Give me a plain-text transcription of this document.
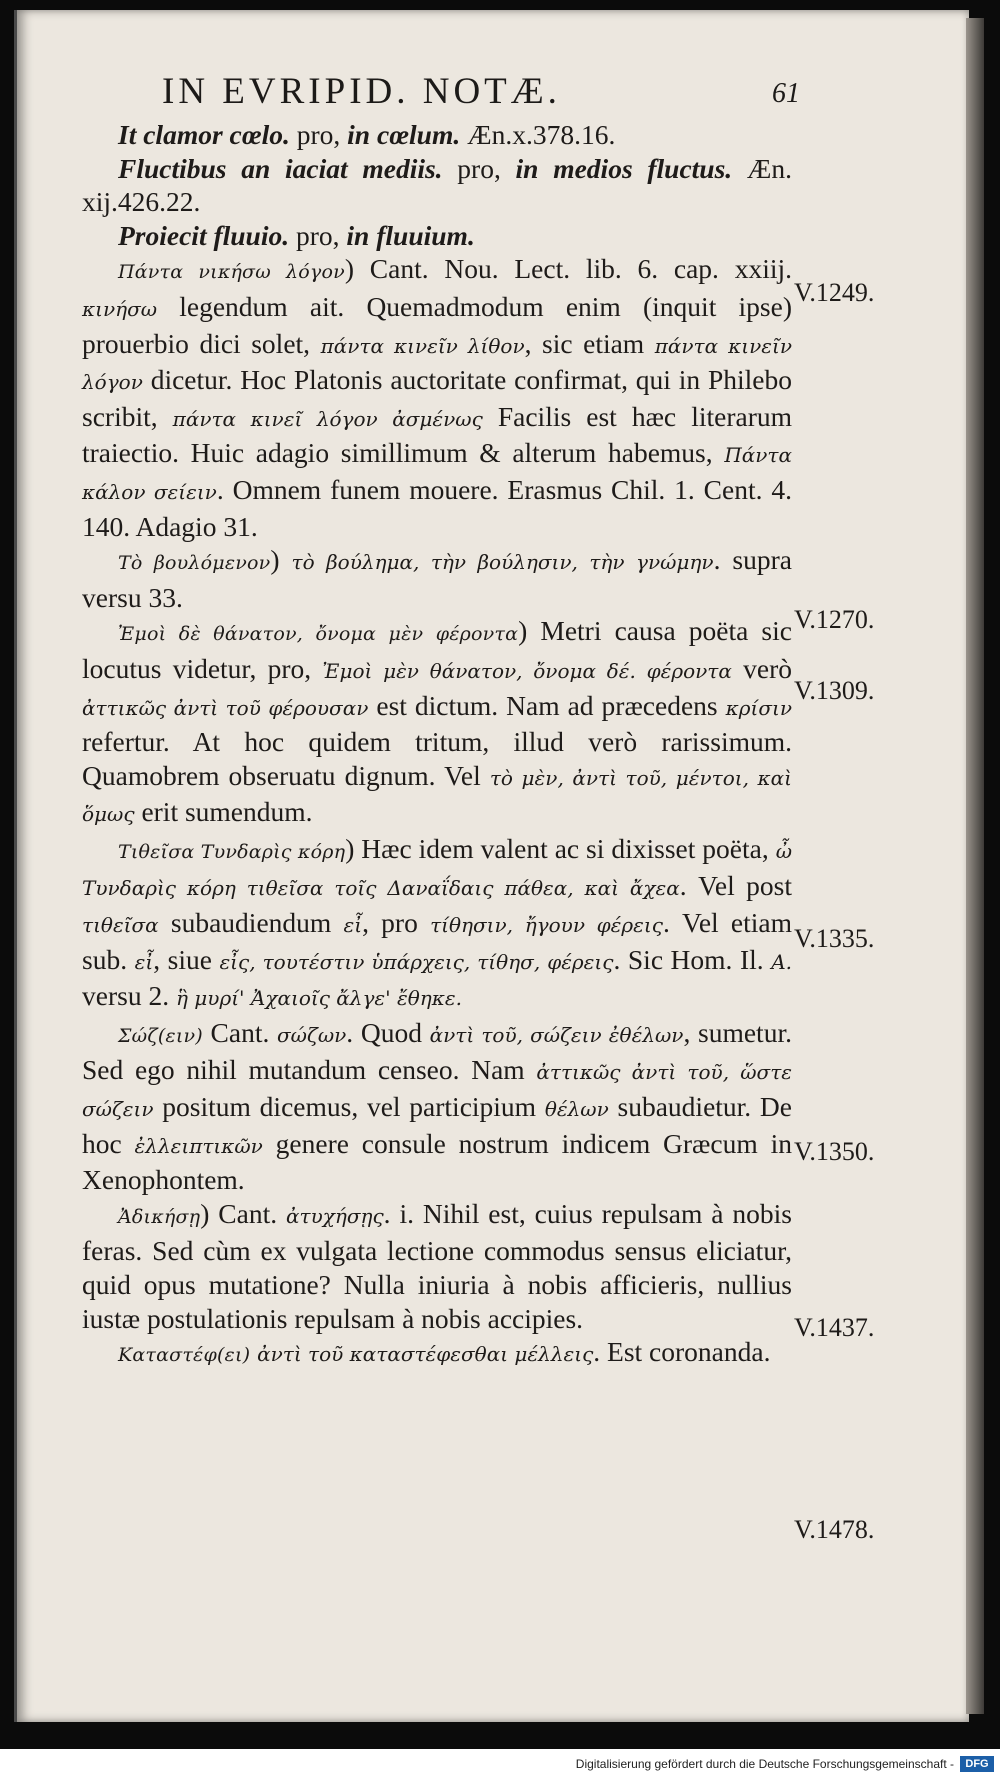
IN EVRIPID. NOTÆ.	61

It clamor cœlo. pro, in cœlum. Æn.x.378.16.

Fluctibus an iaciat mediis. pro, in medios fluctus. Æn. xij.426.22.

Proiecit fluuio. pro, in fluuium.

Πάντα νικήσω λόγον) Cant. Nou. Lect. lib. 6. cap. xxiij. κινήσω legendum ait. Quemadmodum enim (inquit ipse) prouerbio dici solet, πάντα κινεῖν λίθον, sic etiam πάντα κινεῖν λόγον dicetur. Hoc Platonis auctoritate confirmat, qui in Philebo scribit, πάντα κινεῖ λόγον ἀσμένως Facilis est hæc literarum traiectio. Huic adagio simillimum & alterum habemus, Πάντα κάλον σείειν. Omnem funem mouere. Erasmus Chil. 1. Cent. 4. 140. Adagio 31.

Τὸ βουλόμενον) τὸ βούλημα, τὴν βούλησιν, τὴν γνώμην. supra versu 33.

Ἐμοὶ δὲ θάνατον, ὄνομα μὲν φέροντα) Metri causa poëta sic locutus videtur, pro, Ἐμοὶ μὲν θάνατον, ὄνομα δέ. φέροντα verò ἀττικῶς ἀντὶ τοῦ φέρουσαν est dictum. Nam ad præcedens κρίσιν refertur. At hoc quidem tritum, illud verò rarissimum. Quamobrem obseruatu dignum. Vel τὸ μὲν, ἀντὶ τοῦ, μέντοι, καὶ ὅμως erit sumendum.

Τιθεῖσα Τυνδαρὶς κόρη) Hæc idem valent ac si dixisset poëta, ὦ Τυνδαρὶς κόρη τιθεῖσα τοῖς Δαναΐδαις πάθεα, καὶ ἄχεα. Vel post τιθεῖσα subaudiendum εἶ, pro τίθησιν, ἤγουν φέρεις. Vel etiam sub. εἶ, siue εἶς, τουτέστιν ὑπάρχεις, τίθησ, φέρεις. Sic Hom. Il. A. versu 2. ἣ μυρί' Ἀχαιοῖς ἄλγε' ἔθηκε.

Σώζ(ειν) Cant. σώζων. Quod ἀντὶ τοῦ, σώζειν ἐθέλων, sumetur. Sed ego nihil mutandum censeo. Nam ἀττικῶς ἀντὶ τοῦ, ὥστε σώζειν positum dicemus, vel participium θέλων subaudietur. De hoc ἐλλειπτικῶν genere consule nostrum indicem Græcum in Xenophontem.

Ἀδικήσῃ) Cant. ἀτυχήσῃς. i. Nihil est, cuius repulsam à nobis feras. Sed cùm ex vulgata lectione commodus sensus eliciatur, quid opus mutatione? Nulla iniuria à nobis afficieris, nullius iustæ postulationis repulsam à nobis accipies.

Καταστέφ(ει) ἀντὶ τοῦ καταστέφεσθαι μέλλεις. Est coronanda.

V.1249.
V.1270.
V.1309.
V.1335.
V.1350.
V.1437.
V.1478.
Digitalisierung gefördert durch die Deutsche Forschungsgemeinschaft -	DFG
